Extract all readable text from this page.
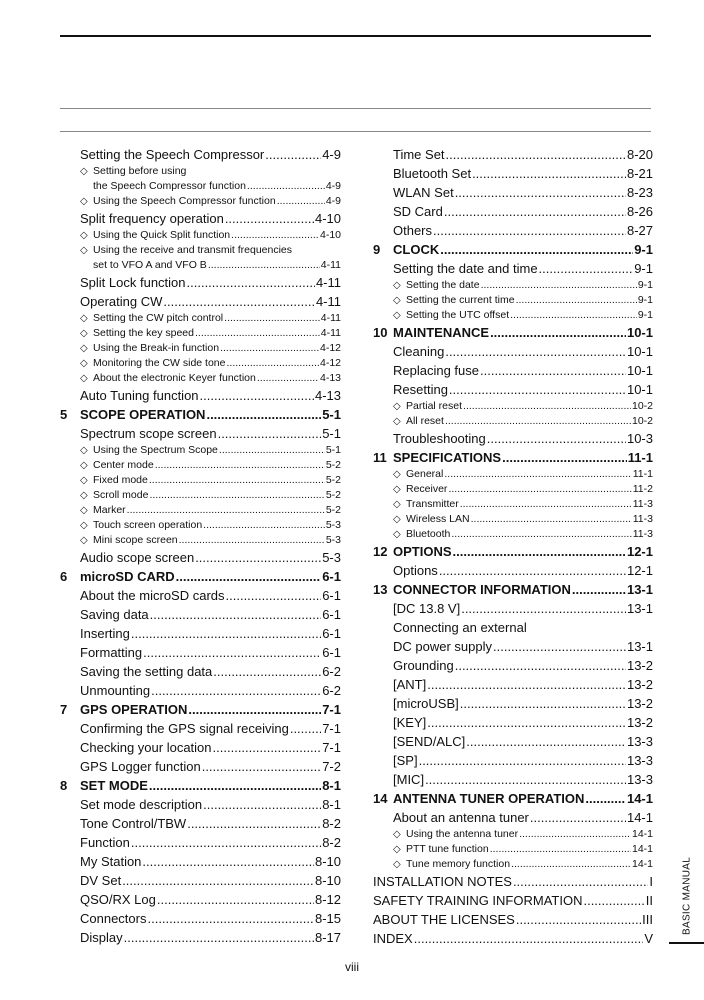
Setting the Speech Compressor .....	4-9
◇ Setting before using
the Speech Compressor function .....	4-9
◇ Using the Speech Compressor function .....	4-9
Split frequency operation .....	4-10
◇ Using the Quick Split function .....	4-10
◇ Using the receive and transmit frequencies
set to VFO A and VFO B .....	4-11
Split Lock function .....	4-11
Operating CW .....	4-11
◇ Setting the CW pitch control .....	4-11
◇ Setting the key speed .....	4-11
◇ Using the Break-in function .....	4-12
◇ Monitoring the CW side tone .....	4-12
◇ About the electronic Keyer function .....	4-13
Auto Tuning function .....	4-13
5 SCOPE OPERATION .....	5-1
Spectrum scope screen .....	5-1
◇ Using the Spectrum Scope .....	5-1
◇ Center mode .....	5-2
◇ Fixed mode .....	5-2
◇ Scroll mode .....	5-2
◇ Marker .....	5-2
◇ Touch screen operation .....	5-3
◇ Mini scope screen .....	5-3
Audio scope screen .....	5-3
6 microSD CARD .....	6-1
About the microSD cards .....	6-1
Saving data .....	6-1
Inserting .....	6-1
Formatting .....	6-1
Saving the setting data .....	6-2
Unmounting .....	6-2
7 GPS OPERATION .....	7-1
Confirming the GPS signal receiving .....	7-1
Checking your location .....	7-1
GPS Logger function .....	7-2
8 SET MODE .....	8-1
Set mode description .....	8-1
Tone Control/TBW .....	8-2
Function .....	8-2
My Station .....	8-10
DV Set .....	8-10
QSO/RX Log .....	8-12
Connectors .....	8-15
Display .....	8-17
Time Set .....	8-20
Bluetooth Set .....	8-21
WLAN Set .....	8-23
SD Card .....	8-26
Others .....	8-27
9 CLOCK .....	9-1
Setting the date and time .....	9-1
◇ Setting the date .....	9-1
◇ Setting the current time .....	9-1
◇ Setting the UTC offset .....	9-1
10 MAINTENANCE .....	10-1
Cleaning .....	10-1
Replacing fuse .....	10-1
Resetting .....	10-1
◇ Partial reset .....	10-2
◇ All reset .....	10-2
Troubleshooting .....	10-3
11 SPECIFICATIONS .....	11-1
◇ General .....	11-1
◇ Receiver .....	11-2
◇ Transmitter .....	11-3
◇ Wireless LAN .....	11-3
◇ Bluetooth .....	11-3
12 OPTIONS .....	12-1
Options .....	12-1
13 CONNECTOR INFORMATION .....	13-1
[DC 13.8 V] .....	13-1
Connecting an external
DC power supply .....	13-1
Grounding .....	13-2
[ANT] .....	13-2
[microUSB] .....	13-2
[KEY] .....	13-2
[SEND/ALC] .....	13-3
[SP] .....	13-3
[MIC] .....	13-3
14 ANTENNA TUNER OPERATION .....	14-1
About an antenna tuner .....	14-1
◇ Using the antenna tuner .....	14-1
◇ PTT tune function .....	14-1
◇ Tune memory function .....	14-1
INSTALLATION NOTES .....	I
SAFETY TRAINING INFORMATION .....	II
ABOUT THE LICENSES .....	III
INDEX .....	V
BASIC MANUAL
viii
